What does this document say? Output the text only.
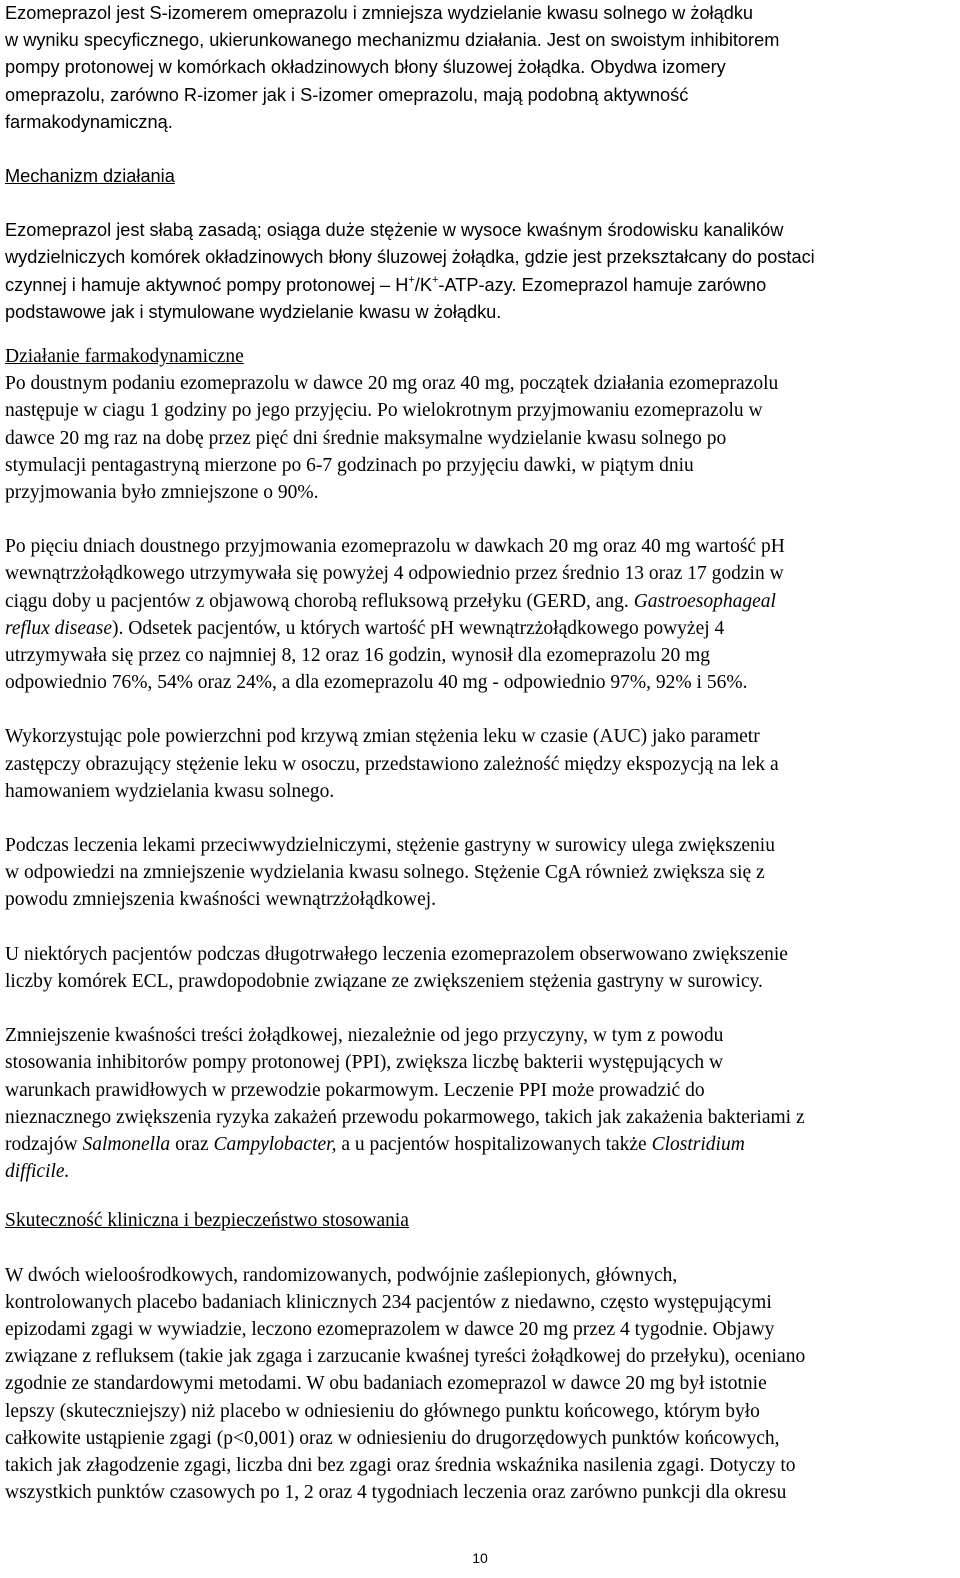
Ezomeprazol jest S-izomerem omeprazolu i zmniejsza wydzielanie kwasu solnego w żołądku
w wyniku specyficznego, ukierunkowanego mechanizmu działania. Jest on swoistym inhibitorem
pompy protonowej w komórkach okładzinowych błony śluzowej żołądka. Obydwa izomery
omeprazolu, zarówno R-izomer jak i S-izomer omeprazolu, mają podobną aktywność
farmakodynamiczną.
Mechanizm działania
Ezomeprazol jest słabą zasadą; osiąga duże stężenie w wysoce kwaśnym środowisku kanalików
wydzielniczych komórek okładzinowych błony śluzowej żołądka, gdzie jest przekształcany do postaci
czynnej i hamuje aktywnoć pompy protonowej – H+/K+-ATP-azy. Ezomeprazol hamuje zarówno
podstawowe jak i stymulowane wydzielanie kwasu w żołądku.
Działanie farmakodynamiczne
Po doustnym podaniu ezomeprazolu w dawce 20 mg oraz 40 mg, początek działania ezomeprazolu
następuje w ciagu 1 godziny po jego przyjęciu. Po wielokrotnym przyjmowaniu ezomeprazolu w
dawce 20 mg raz na dobę przez pięć dni średnie maksymalne wydzielanie kwasu solnego po
stymulacji pentagastryną mierzone po 6-7 godzinach po przyjęciu dawki, w piątym dniu
przyjmowania było zmniejszone o 90%.
Po pięciu dniach doustnego przyjmowania ezomeprazolu w dawkach 20 mg oraz 40 mg wartość pH
wewnątrzżołądkowego utrzymywała się powyżej 4 odpowiednio przez średnio 13 oraz 17 godzin w
ciągu doby u pacjentów z objawową chorobą refluksową przełyku (GERD, ang. Gastroesophageal
reflux disease). Odsetek pacjentów, u których wartość pH wewnątrzżołądkowego powyżej 4
utrzymywała się przez co najmniej 8, 12 oraz 16 godzin, wynosił dla ezomeprazolu 20 mg
odpowiednio 76%, 54% oraz 24%, a dla ezomeprazolu 40 mg - odpowiednio 97%, 92% i 56%.
Wykorzystując pole powierzchni pod krzywą zmian stężenia leku w czasie (AUC) jako parametr
zastępczy obrazujący stężenie leku w osoczu, przedstawiono zależność między ekspozycją na lek a
hamowaniem wydzielania kwasu solnego.
Podczas leczenia lekami przeciwwydzielniczymi, stężenie gastryny w surowicy ulega zwiększeniu
w odpowiedzi na zmniejszenie wydzielania kwasu solnego. Stężenie CgA również zwiększa się z
powodu zmniejszenia kwaśności wewnątrzżołądkowej.
U niektórych pacjentów podczas długotrwałego leczenia ezomeprazolem obserwowano zwiększenie
liczby komórek ECL, prawdopodobnie związane ze zwiększeniem stężenia gastryny w surowicy.
Zmniejszenie kwaśności treści żołądkowej, niezależnie od jego przyczyny, w tym z powodu
stosowania inhibitorów pompy protonowej (PPI), zwiększa liczbę bakterii występujących w
warunkach prawidłowych w przewodzie pokarmowym. Leczenie PPI może prowadzić do
nieznacznego zwiększenia ryzyka zakażeń przewodu pokarmowego, takich jak zakażenia bakteriami z
rodzajów Salmonella oraz Campylobacter, a u pacjentów hospitalizowanych także Clostridium
difficile.
Skuteczność kliniczna i bezpieczeństwo stosowania
W dwóch wieloośrodkowych, randomizowanych, podwójnie zaślepionych, głównych,
kontrolowanych placebo badaniach klinicznych 234 pacjentów z niedawno, często występującymi
epizodami zgagi w wywiadzie, leczono ezomeprazolem w dawce 20 mg przez 4 tygodnie. Objawy
związane z refluksem (takie jak zgaga i zarzucanie kwaśnej tyreści żołądkowej do przełyku), oceniano
zgodnie ze standardowymi metodami. W obu badaniach ezomeprazol w dawce 20 mg był istotnie
lepszy (skuteczniejszy) niż placebo w odniesieniu do głównego punktu końcowego, którym było
całkowite ustąpienie zgagi (p<0,001) oraz w odniesieniu do drugorzędowych punktów końcowych,
takich jak złagodzenie zgagi, liczba dni bez zgagi oraz średnia wskaźnika nasilenia zgagi. Dotyczy to
wszystkich punktów czasowych po 1, 2 oraz 4 tygodniach leczenia oraz zarówno punkcji dla okresu
10
